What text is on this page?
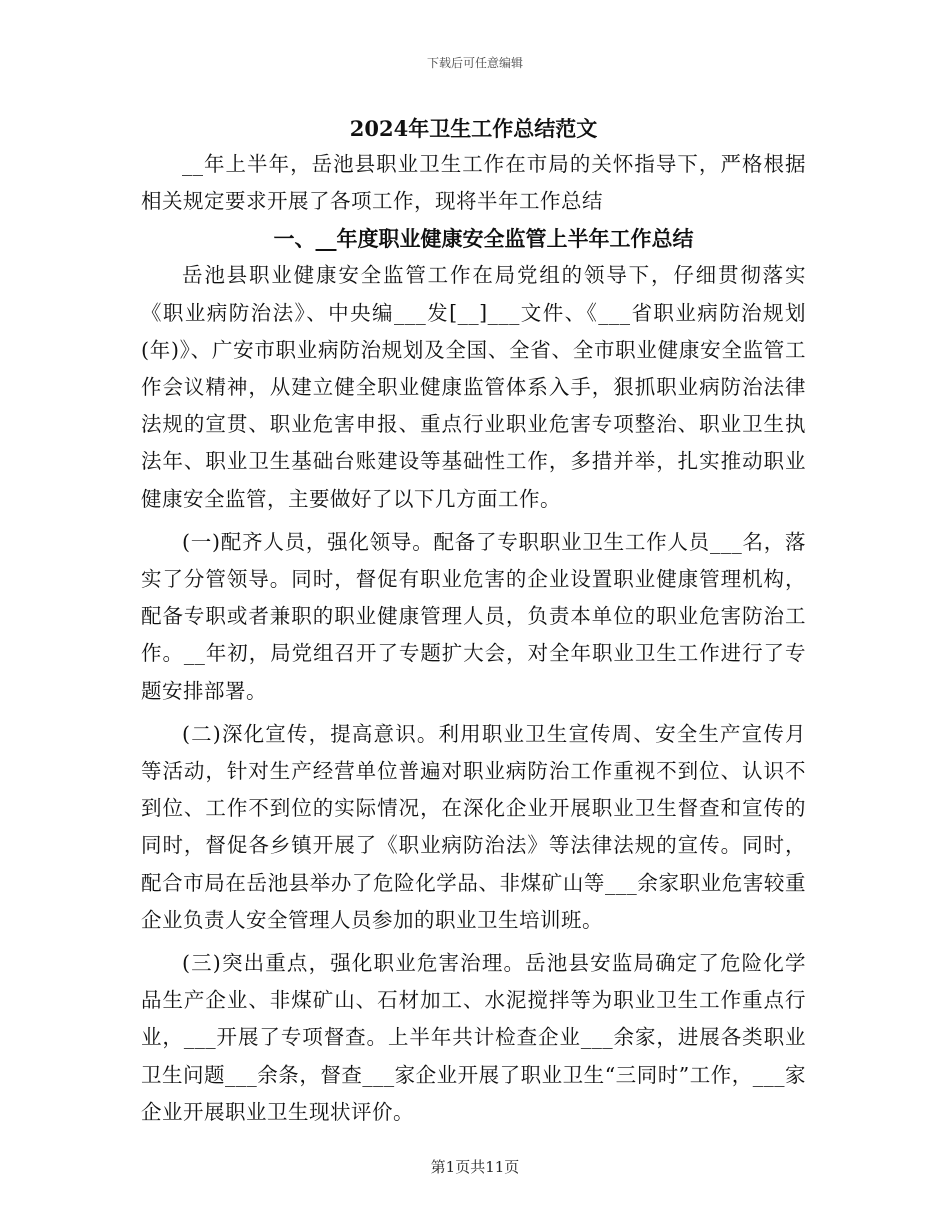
下载后可任意编辑
2024年卫生工作总结范文

__年上半年，岳池县职业卫生工作在市局的关怀指导下，严格根据相关规定要求开展了各项工作，现将半年工作总结

一、__年度职业健康安全监管上半年工作总结

岳池县职业健康安全监管工作在局党组的领导下，仔细贯彻落实《职业病防治法》、中央编___发[__]___文件、《___省职业病防治规划(年)》、广安市职业病防治规划及全国、全省、全市职业健康安全监管工作会议精神，从建立健全职业健康监管体系入手，狠抓职业病防治法律法规的宣贯、职业危害申报、重点行业职业危害专项整治、职业卫生执法年、职业卫生基础台账建设等基础性工作，多措并举，扎实推动职业健康安全监管，主要做好了以下几方面工作。

(一)配齐人员，强化领导。配备了专职职业卫生工作人员___名，落实了分管领导。同时，督促有职业危害的企业设置职业健康管理机构，配备专职或者兼职的职业健康管理人员，负责本单位的职业危害防治工作。__年初，局党组召开了专题扩大会，对全年职业卫生工作进行了专题安排部署。

(二)深化宣传，提高意识。利用职业卫生宣传周、安全生产宣传月等活动，针对生产经营单位普遍对职业病防治工作重视不到位、认识不到位、工作不到位的实际情况，在深化企业开展职业卫生督查和宣传的同时，督促各乡镇开展了《职业病防治法》等法律法规的宣传。同时，配合市局在岳池县举办了危险化学品、非煤矿山等___余家职业危害较重企业负责人安全管理人员参加的职业卫生培训班。

(三)突出重点，强化职业危害治理。岳池县安监局确定了危险化学品生产企业、非煤矿山、石材加工、水泥搅拌等为职业卫生工作重点行业，___开展了专项督查。上半年共计检查企业___余家，进展各类职业卫生问题___余条，督查___家企业开展了职业卫生“三同时”工作，___家企业开展职业卫生现状评价。

第1页共11页
